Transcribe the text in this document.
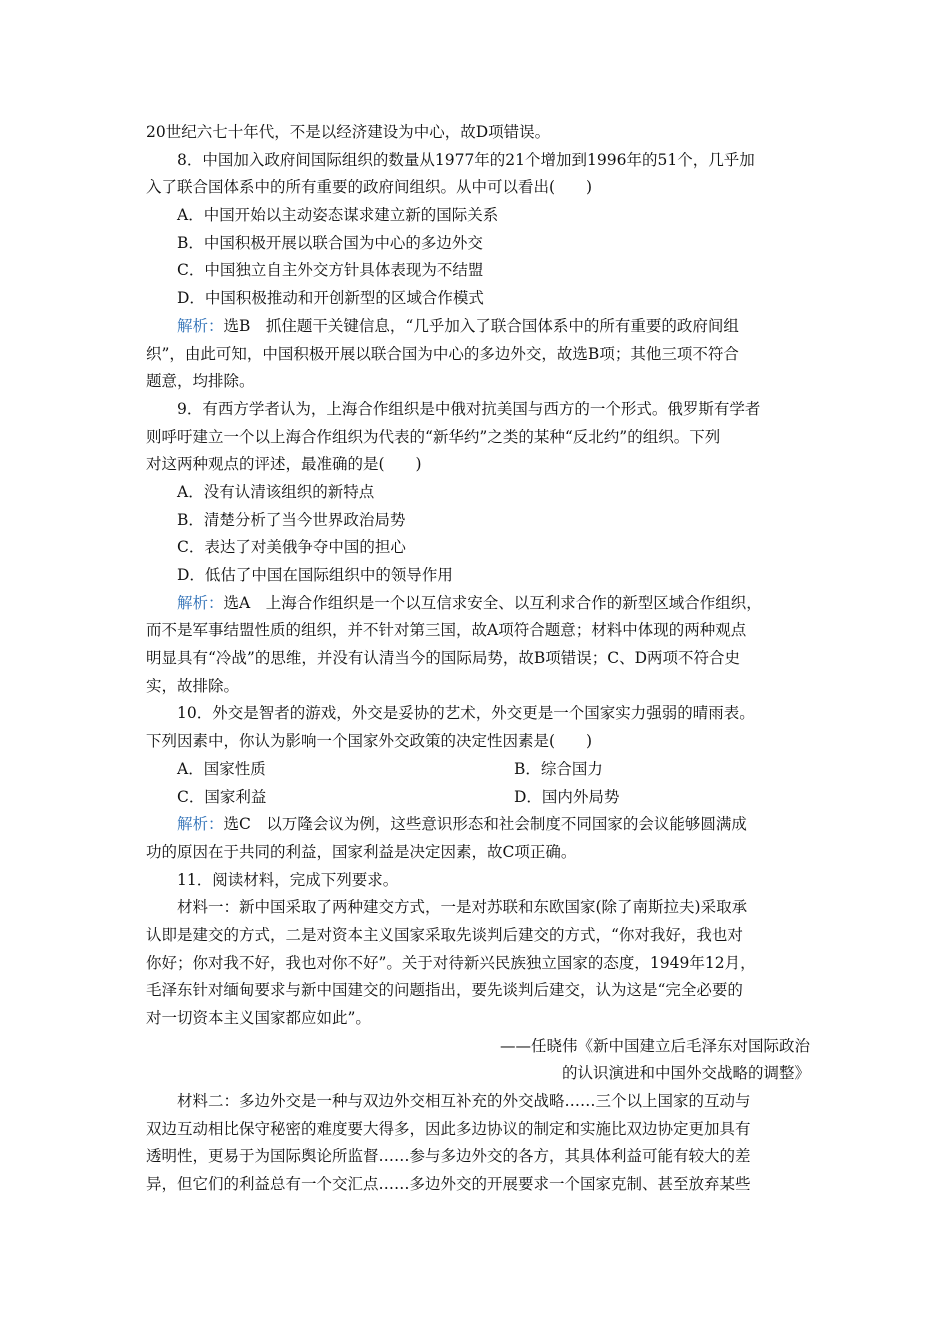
20世纪六七十年代，不是以经济建设为中心，故D项错误。
8．中国加入政府间国际组织的数量从1977年的21个增加到1996年的51个，几乎加
入了联合国体系中的所有重要的政府间组织。从中可以看出(　　)
A．中国开始以主动姿态谋求建立新的国际关系
B．中国积极开展以联合国为中心的多边外交
C．中国独立自主外交方针具体表现为不结盟
D．中国积极推动和开创新型的区域合作模式
解析：选B　抓住题干关键信息，“几乎加入了联合国体系中的所有重要的政府间组
织”，由此可知，中国积极开展以联合国为中心的多边外交，故选B项；其他三项不符合
题意，均排除。
9．有西方学者认为，上海合作组织是中俄对抗美国与西方的一个形式。俄罗斯有学者
则呼吁建立一个以上海合作组织为代表的“新华约”之类的某种“反北约”的组织。下列
对这两种观点的评述，最准确的是(　　)
A．没有认清该组织的新特点
B．清楚分析了当今世界政治局势
C．表达了对美俄争夺中国的担心
D．低估了中国在国际组织中的领导作用
解析：选A　上海合作组织是一个以互信求安全、以互利求合作的新型区域合作组织，
而不是军事结盟性质的组织，并不针对第三国，故A项符合题意；材料中体现的两种观点
明显具有“冷战”的思维，并没有认清当今的国际局势，故B项错误；C、D两项不符合史
实，故排除。
10．外交是智者的游戏，外交是妥协的艺术，外交更是一个国家实力强弱的晴雨表。
下列因素中，你认为影响一个国家外交政策的决定性因素是(　　)
A．国家性质	B．综合国力
C．国家利益	D．国内外局势
解析：选C　以万隆会议为例，这些意识形态和社会制度不同国家的会议能够圆满成
功的原因在于共同的利益，国家利益是决定因素，故C项正确。
11．阅读材料，完成下列要求。
材料一：新中国采取了两种建交方式，一是对苏联和东欧国家(除了南斯拉夫)采取承
认即是建交的方式，二是对资本主义国家采取先谈判后建交的方式，“你对我好，我也对
你好；你对我不好，我也对你不好”。关于对待新兴民族独立国家的态度，1949年12月，
毛泽东针对缅甸要求与新中国建交的问题指出，要先谈判后建交，认为这是“完全必要的
对一切资本主义国家都应如此”。
——任晓伟《新中国建立后毛泽东对国际政治
的认识演进和中国外交战略的调整》
材料二：多边外交是一种与双边外交相互补充的外交战略……三个以上国家的互动与
双边互动相比保守秘密的难度要大得多，因此多边协议的制定和实施比双边协定更加具有
透明性，更易于为国际舆论所监督……参与多边外交的各方，其具体利益可能有较大的差
异，但它们的利益总有一个交汇点……多边外交的开展要求一个国家克制、甚至放弃某些
